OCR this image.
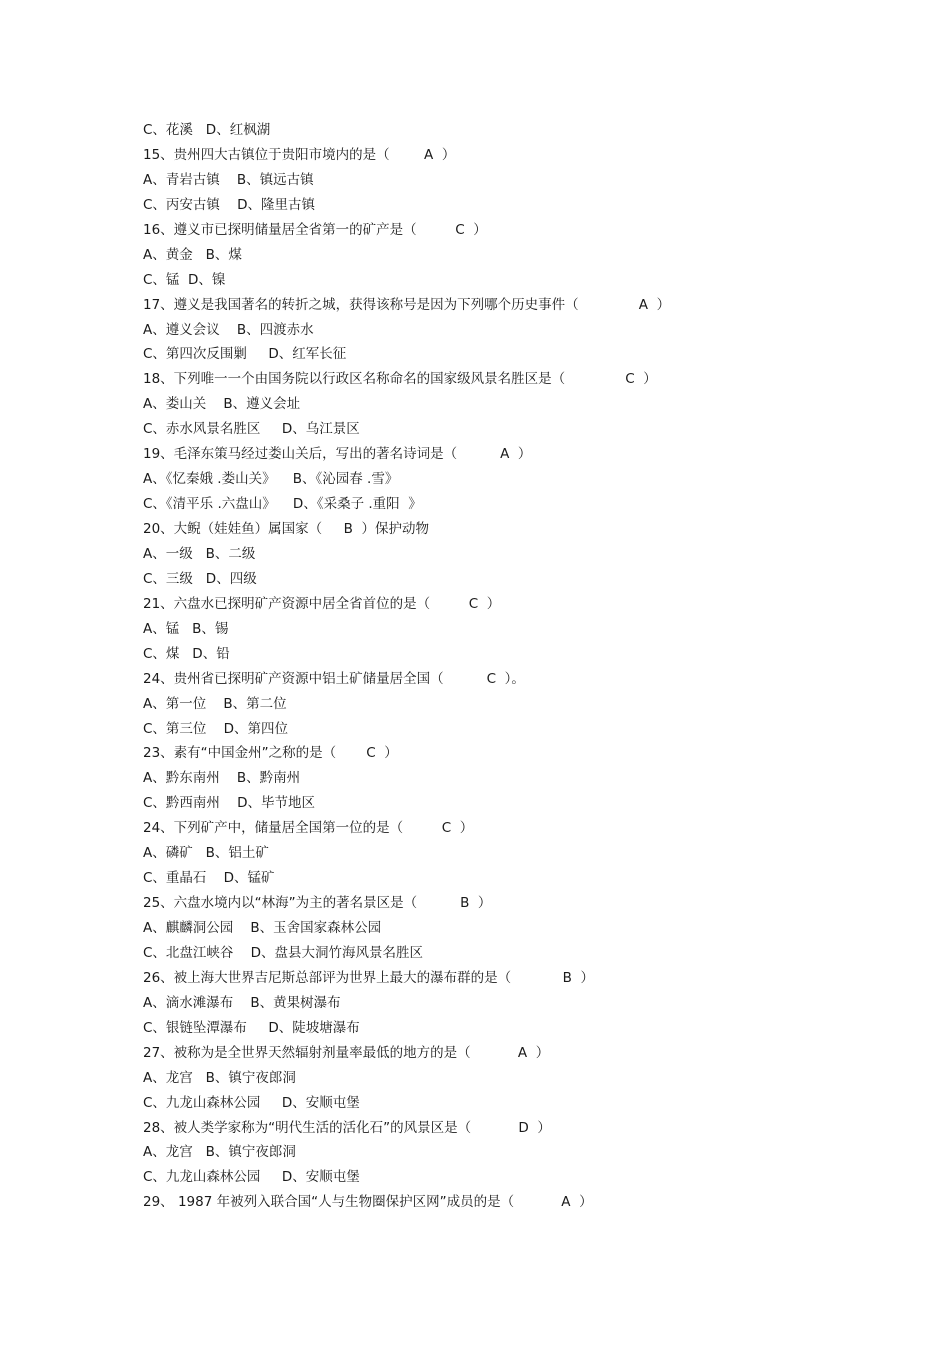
C、花溪   D、红枫湖
15、贵州四大古镇位于贵阳市境内的是（        A  ）
A、青岩古镇    B、镇远古镇
C、丙安古镇    D、隆里古镇
16、遵义市已探明储量居全省第一的矿产是（         C  ）
A、黄金   B、煤
C、锰  D、镍
17、遵义是我国著名的转折之城，获得该称号是因为下列哪个历史事件（              A  ）
A、遵义会议    B、四渡赤水
C、第四次反围剿     D、红军长征
18、下列唯一一个由国务院以行政区名称命名的国家级风景名胜区是（              C  ）
A、娄山关    B、遵义会址
C、赤水风景名胜区     D、乌江景区
19、毛泽东策马经过娄山关后，写出的著名诗词是（          A  ）
A、《忆秦娥 .娄山关》    B、《沁园春 .雪》
C、《清平乐 .六盘山》    D、《采桑子 .重阳  》
20、大鲵（娃娃鱼）属国家（     B  ）保护动物
A、一级   B、二级
C、三级   D、四级
21、六盘水已探明矿产资源中居全省首位的是（         C  ）
A、锰   B、锡
C、煤   D、铅
24、贵州省已探明矿产资源中铝土矿储量居全国（          C  ）。
A、第一位    B、第二位
C、第三位    D、第四位
23、素有“中国金州”之称的是（       C  ）
A、黔东南州    B、黔南州
C、黔西南州    D、毕节地区
24、下列矿产中，储量居全国第一位的是（         C  ）
A、磷矿   B、铝土矿
C、重晶石    D、锰矿
25、六盘水境内以“林海”为主的著名景区是（          B  ）
A、麒麟洞公园    B、玉舍国家森林公园
C、北盘江峡谷    D、盘县大洞竹海风景名胜区
26、被上海大世界吉尼斯总部评为世界上最大的瀑布群的是（            B  ）
A、滴水滩瀑布    B、黄果树瀑布
C、银链坠潭瀑布     D、陡坡塘瀑布
27、被称为是全世界天然辐射剂量率最低的地方的是（           A  ）
A、龙宫   B、镇宁夜郎洞
C、九龙山森林公园     D、安顺屯堡
28、被人类学家称为“明代生活的活化石”的风景区是（           D  ）
A、龙宫   B、镇宁夜郎洞
C、九龙山森林公园     D、安顺屯堡
29、 1987 年被列入联合国“人与生物圈保护区网”成员的是（           A  ）
